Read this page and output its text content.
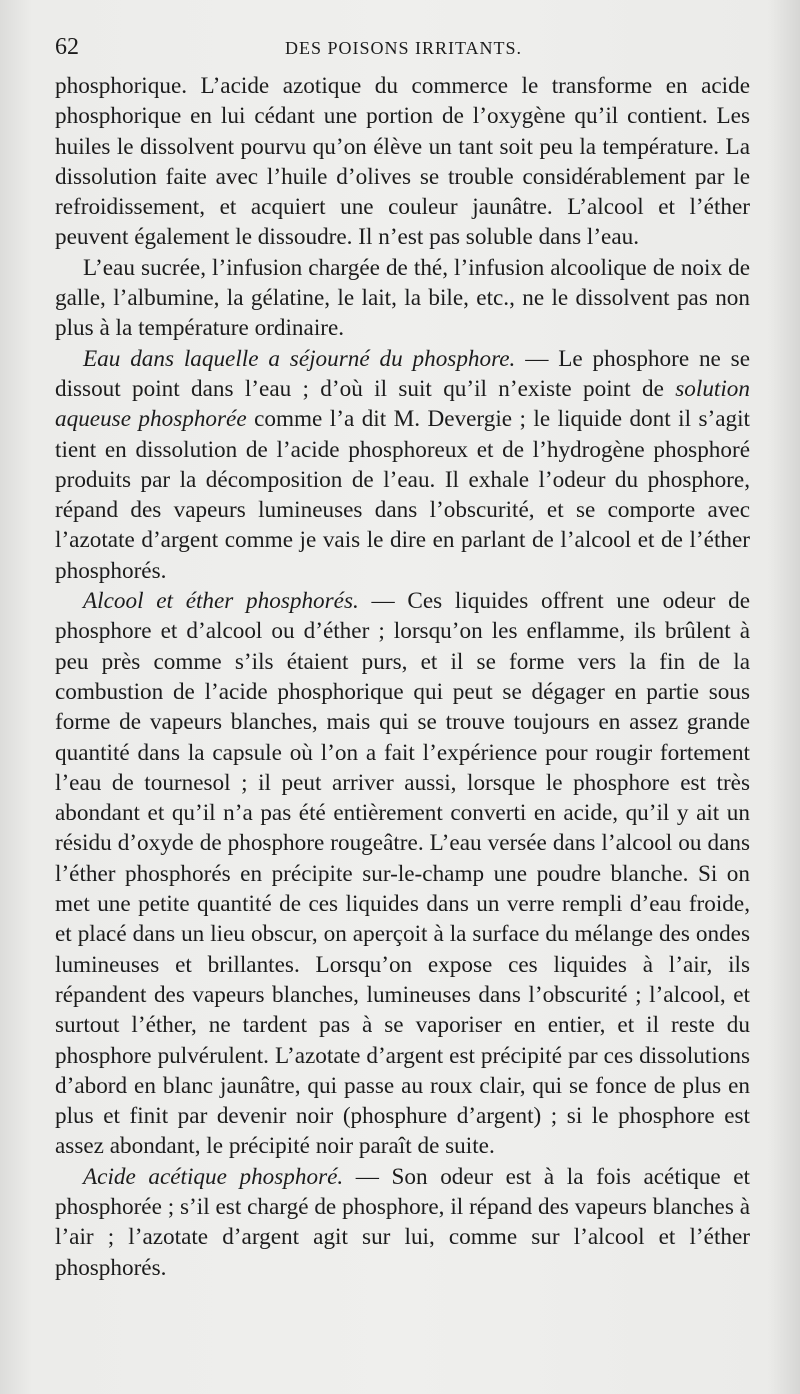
62	DES POISONS IRRITANTS.

phosphorique. L’acide azotique du commerce le transforme en acide phosphorique en lui cédant une portion de l’oxygène qu’il contient. Les huiles le dissolvent pourvu qu’on élève un tant soit peu la température. La dissolution faite avec l’huile d’olives se trouble considérablement par le refroidissement, et acquiert une couleur jaunâtre. L’alcool et l’éther peuvent également le dissoudre. Il n’est pas soluble dans l’eau.

L’eau sucrée, l’infusion chargée de thé, l’infusion alcoolique de noix de galle, l’albumine, la gélatine, le lait, la bile, etc., ne le dissolvent pas non plus à la température ordinaire.

Eau dans laquelle a séjourné du phosphore. — Le phosphore ne se dissout point dans l’eau ; d’où il suit qu’il n’existe point de solution aqueuse phosphorée comme l’a dit M. Devergie ; le liquide dont il s’agit tient en dissolution de l’acide phosphoreux et de l’hydrogène phosphoré produits par la décomposition de l’eau. Il exhale l’odeur du phosphore, répand des vapeurs lumineuses dans l’obscurité, et se comporte avec l’azotate d’argent comme je vais le dire en parlant de l’alcool et de l’éther phosphorés.

Alcool et éther phosphorés. — Ces liquides offrent une odeur de phosphore et d’alcool ou d’éther ; lorsqu’on les enflamme, ils brûlent à peu près comme s’ils étaient purs, et il se forme vers la fin de la combustion de l’acide phosphorique qui peut se dégager en partie sous forme de vapeurs blanches, mais qui se trouve toujours en assez grande quantité dans la capsule où l’on a fait l’expérience pour rougir fortement l’eau de tournesol ; il peut arriver aussi, lorsque le phosphore est très abondant et qu’il n’a pas été entièrement converti en acide, qu’il y ait un résidu d’oxyde de phosphore rougeâtre. L’eau versée dans l’alcool ou dans l’éther phosphorés en précipite sur-le-champ une poudre blanche. Si on met une petite quantité de ces liquides dans un verre rempli d’eau froide, et placé dans un lieu obscur, on aperçoit à la surface du mélange des ondes lumineuses et brillantes. Lorsqu’on expose ces liquides à l’air, ils répandent des vapeurs blanches, lumineuses dans l’obscurité ; l’alcool, et surtout l’éther, ne tardent pas à se vaporiser en entier, et il reste du phosphore pulvérulent. L’azotate d’argent est précipité par ces dissolutions d’abord en blanc jaunâtre, qui passe au roux clair, qui se fonce de plus en plus et finit par devenir noir (phosphure d’argent) ; si le phosphore est assez abondant, le précipité noir paraît de suite.

Acide acétique phosphoré. — Son odeur est à la fois acétique et phosphorée ; s’il est chargé de phosphore, il répand des vapeurs blanches à l’air ; l’azotate d’argent agit sur lui, comme sur l’alcool et l’éther phosphorés.
